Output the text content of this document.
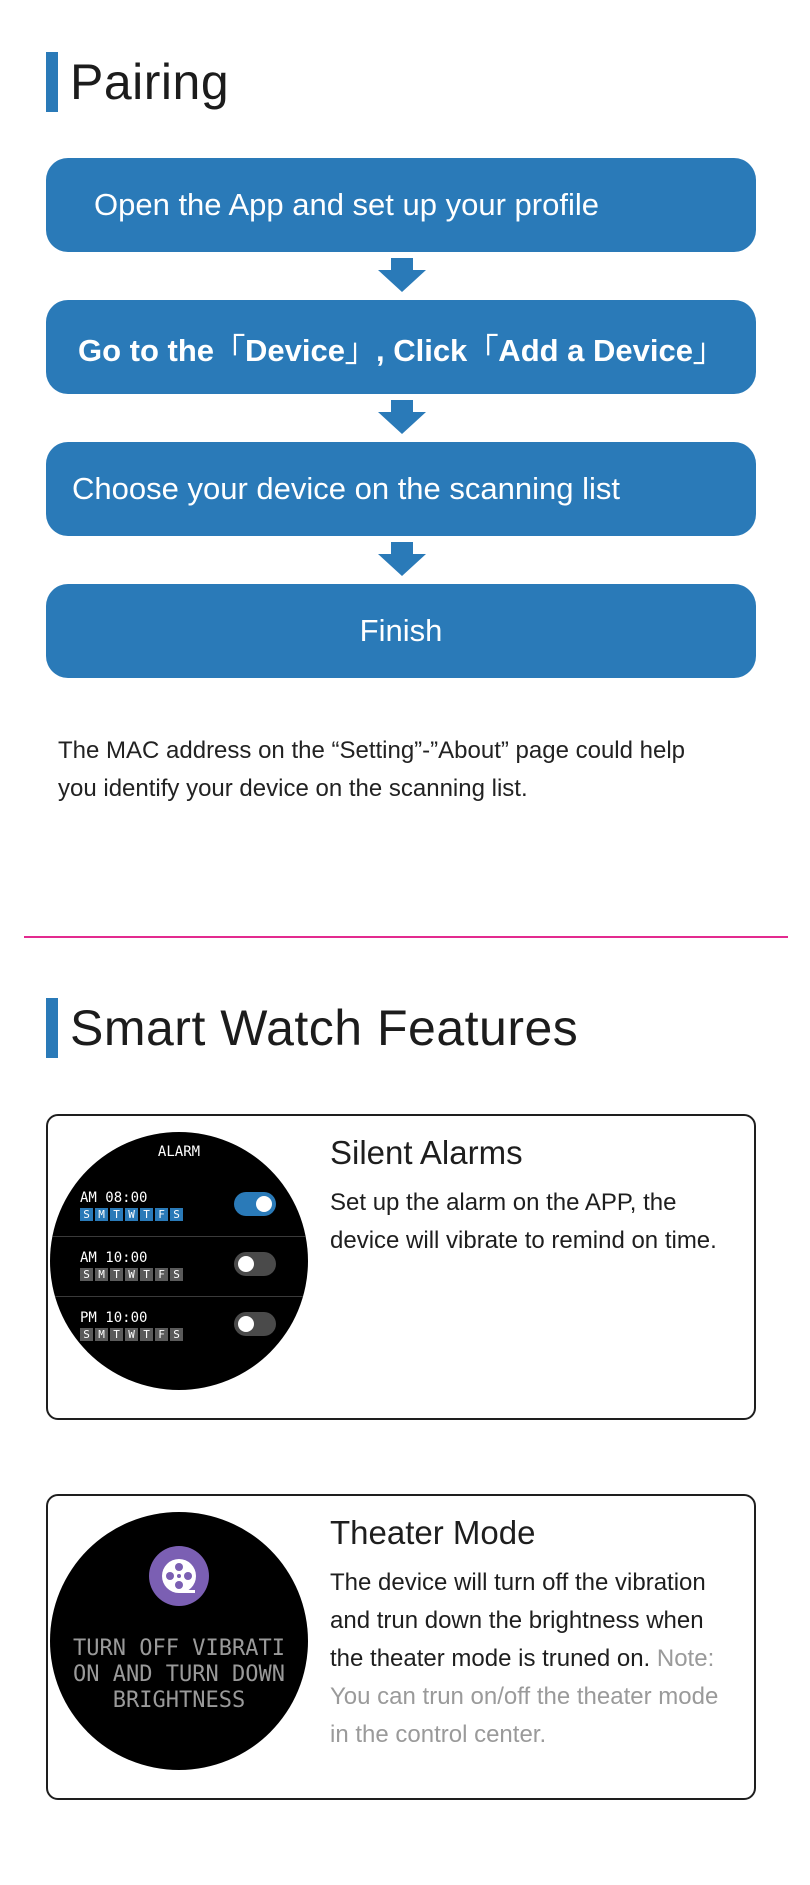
Pairing
Open the App and set up your profile
Go to the「Device」, Click「Add a Device」
Choose your device on the scanning list
Finish
The MAC address on the “Setting”-”About” page could help
you identify your device on the scanning list.
Smart Watch Features
ALARM
AM 08:00
S M T W T F S
AM 10:00
S M T W T F S
PM 10:00
S M T W T F S
Silent Alarms
Set up the alarm on the APP, the device will vibrate to remind on time.
TURN OFF VIBRATI
ON AND TURN DOWN
BRIGHTNESS
Theater Mode
The device will turn off the vibration and trun down the brightness when the theater mode is truned on. Note: You can trun on/off the theater mode in the control center.
